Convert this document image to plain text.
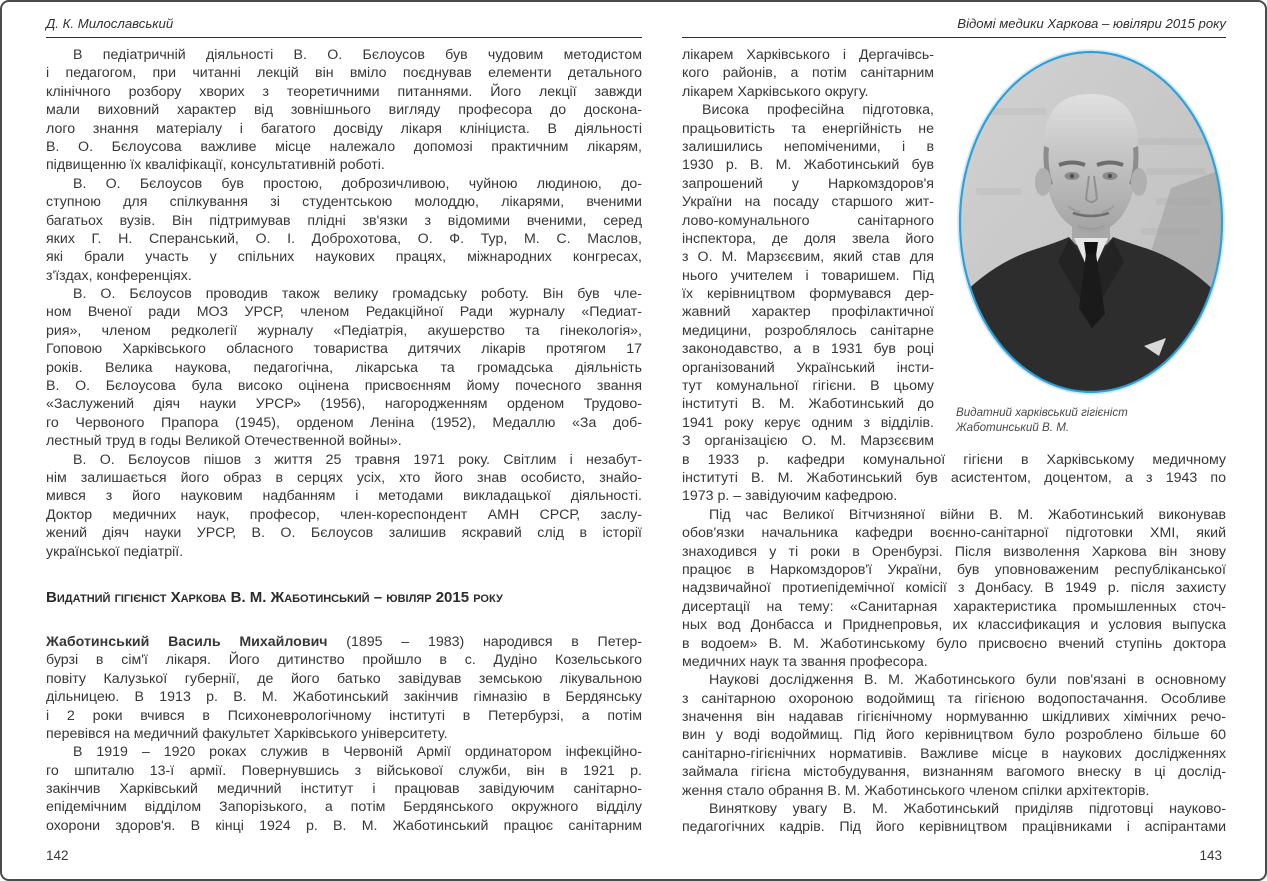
Д. К. Милославський
В педіатричній діяльності В. О. Бєлоусов був чудовим методистом
і педагогом, при читанні лекцій він вміло поєднував елементи детального
клінічного розбору хворих з теоретичними питаннями. Його лекції завжди
мали виховний характер від зовнішнього вигляду професора до доскона-
лого знання матеріалу і багатого досвіду лікаря клініциста. В діяльності
В. О. Бєлоусова важливе місце належало допомозі практичним лікарям,
підвищенню їх кваліфікації, консультативній роботі.
В. О. Бєлоусов був простою, доброзичливою, чуйною людиною, до-
ступною для спілкування зі студентською молоддю, лікарями, вченими
багатьох вузів. Він підтримував плідні зв'язки з відомими вченими, серед
яких Г. Н. Сперанський, О. І. Доброхотова, О. Ф. Тур, М. С. Маслов,
які брали участь у спільних наукових працях, міжнародних конгресах,
з'їздах, конференціях.
В. О. Бєлоусов проводив також велику громадську роботу. Він був чле-
ном Вченої ради МОЗ УРСР, членом Редакційної Ради журналу «Педиат-
рия», членом редколегії журналу «Педіатрія, акушерство та гінекологія»,
Гоповою Харківського обласного товариства дитячих лікарів протягом 17
років. Велика наукова, педагогічна, лікарська та громадська діяльність
В. О. Бєлоусова була високо оцінена присвоєнням йому почесного звання
«Заслужений діяч науки УРСР» (1956), нагородженням орденом Трудово-
го Червоного Прапора (1945), орденом Леніна (1952), Медаллю «За доб-
лестный труд в годы Великой Отечественной войны».
В. О. Бєлоусов пішов з життя 25 травня 1971 року. Світлим і незабут-
нім залишається його образ в серцях усіх, хто його знав особисто, знайо-
мився з його науковим надбанням і методами викладацької діяльності.
Доктор медичних наук, професор, член-кореспондент АМН СРСР, заслу-
жений діяч науки УРСР, В. О. Бєлоусов залишив яскравий слід в історії
української педіатрії.
Видатний гігієніст Харкова В. М. Жаботинський – ювіляр 2015 року
Жаботинський Василь Михайлович (1895 – 1983) народився в Петер-
бурзі в сім'ї лікаря. Його дитинство пройшло в с. Дудіно Козельського
повіту Калузької губернії, де його батько завідував земською лікувальною
дільницею. В 1913 р. В. М. Жаботинський закінчив гімназію в Бердянську
і 2 роки вчився в Психоневрологічному інституті в Петербурзі, а потім
перевівся на медичний факультет Харківського університету.
В 1919 – 1920 роках служив в Червоній Армії ординатором інфекційно-
го шпиталю 13-ї армії. Повернувшись з військової служби, він в 1921 р.
закінчив Харківський медичний інститут і працював завідуючим санітарно-
епідемічним відділом Запорізького, а потім Бердянського окружного відділу
охорони здоров'я. В кінці 1924 р. В. М. Жаботинський працює санітарним
142
Відомі медики Харкова – ювіляри 2015 року
Видатний харківський гігієніст
Жаботинський В. М.
лікарем Харківського і Дергачівсь-
кого районів, а потім санітарним
лікарем Харківського округу.
Висока професійна підготовка,
працьовитість та енергійність не
залишились непоміченими, і в
1930 р. В. М. Жаботинський був
запрошений у Наркомздоров'я
України на посаду старшого жит-
лово-комунального санітарного
інспектора, де доля звела його
з О. М. Марзєєвим, який став для
нього учителем і товаришем. Під
їх керівництвом формувався дер-
жавний характер профілактичної
медицини, розроблялось санітарне
законодавство, а в 1931 був році
організований Український інсти-
тут комунальної гігієни. В цьому
інституті В. М. Жаботинський до
1941 року керує одним з відділів.
З організацією О. М. Марзєєвим
в 1933 р. кафедри комунальної гігієни в Харківському медичному
інституті В. М. Жаботинський був асистентом, доцентом, а з 1943 по
1973 р. – завідуючим кафедрою.
Під час Великої Вітчизняної війни В. М. Жаботинський виконував
обов'язки начальника кафедри воєнно-санітарної підготовки ХМІ, який
знаходився у ті роки в Оренбурзі. Після визволення Харкова він знову
працює в Наркомздоров'ї України, був уповноваженим республіканської
надзвичайної протиепідемічної комісії з Донбасу. В 1949 р. після захисту
дисертації на тему: «Санитарная характеристика промышленных сточ-
ных вод Донбасса и Приднепровья, их классификация и условия выпуска
в водоем» В. М. Жаботинському було присвоєно вчений ступінь доктора
медичних наук та звання професора.
Наукові дослідження В. М. Жаботинського були пов'язані в основному
з санітарною охороною водоймищ та гігієною водопостачання. Особливе
значення він надавав гігієнічному нормуванню шкідливих хімічних речо-
вин у воді водоймищ. Під його керівництвом було розроблено більше 60
санітарно-гігієнічних нормативів. Важливе місце в наукових дослідженнях
займала гігієна містобудування, визнанням вагомого внеску в ці дослід-
ження стало обрання В. М. Жаботинського членом спілки архітекторів.
Виняткову увагу В. М. Жаботинський приділяв підготовці науково-
педагогічних кадрів. Під його керівництвом працівниками і аспірантами
143
